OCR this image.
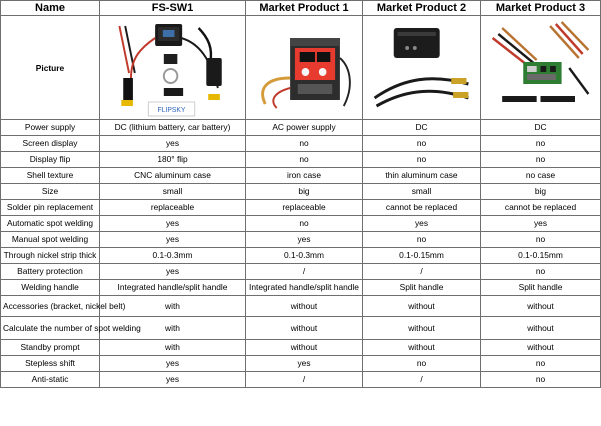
Name	FS-SW1	Market Product 1	Market Product 2	Market Product 3
Picture	FLIPSKY

Power supply	DC (lithium battery, car battery)	AC power supply	DC	DC
Screen display	yes	no	no	no
Display flip	180° flip	no	no	no
Shell texture	CNC aluminum case	iron case	thin aluminum case	no case
Size	small	big	small	big
Solder pin replacement	replaceable	replaceable	cannot be replaced	cannot be replaced
Automatic spot welding	yes	no	yes	yes
Manual spot welding	yes	yes	no	no
Through nickel strip thick	0.1-0.3mm	0.1-0.3mm	0.1-0.15mm	0.1-0.15mm
Battery protection	yes	/	/	no
Welding handle	Integrated handle/split handle	Integrated handle/split handle	Split handle	Split handle
Accessories (bracket, nickel belt)	with	without	without	without
Calculate the number of spot welding	with	without	without	without
Standby prompt	with	without	without	without
Stepless shift	yes	yes	no	no
Anti-static	yes	/	/	no
